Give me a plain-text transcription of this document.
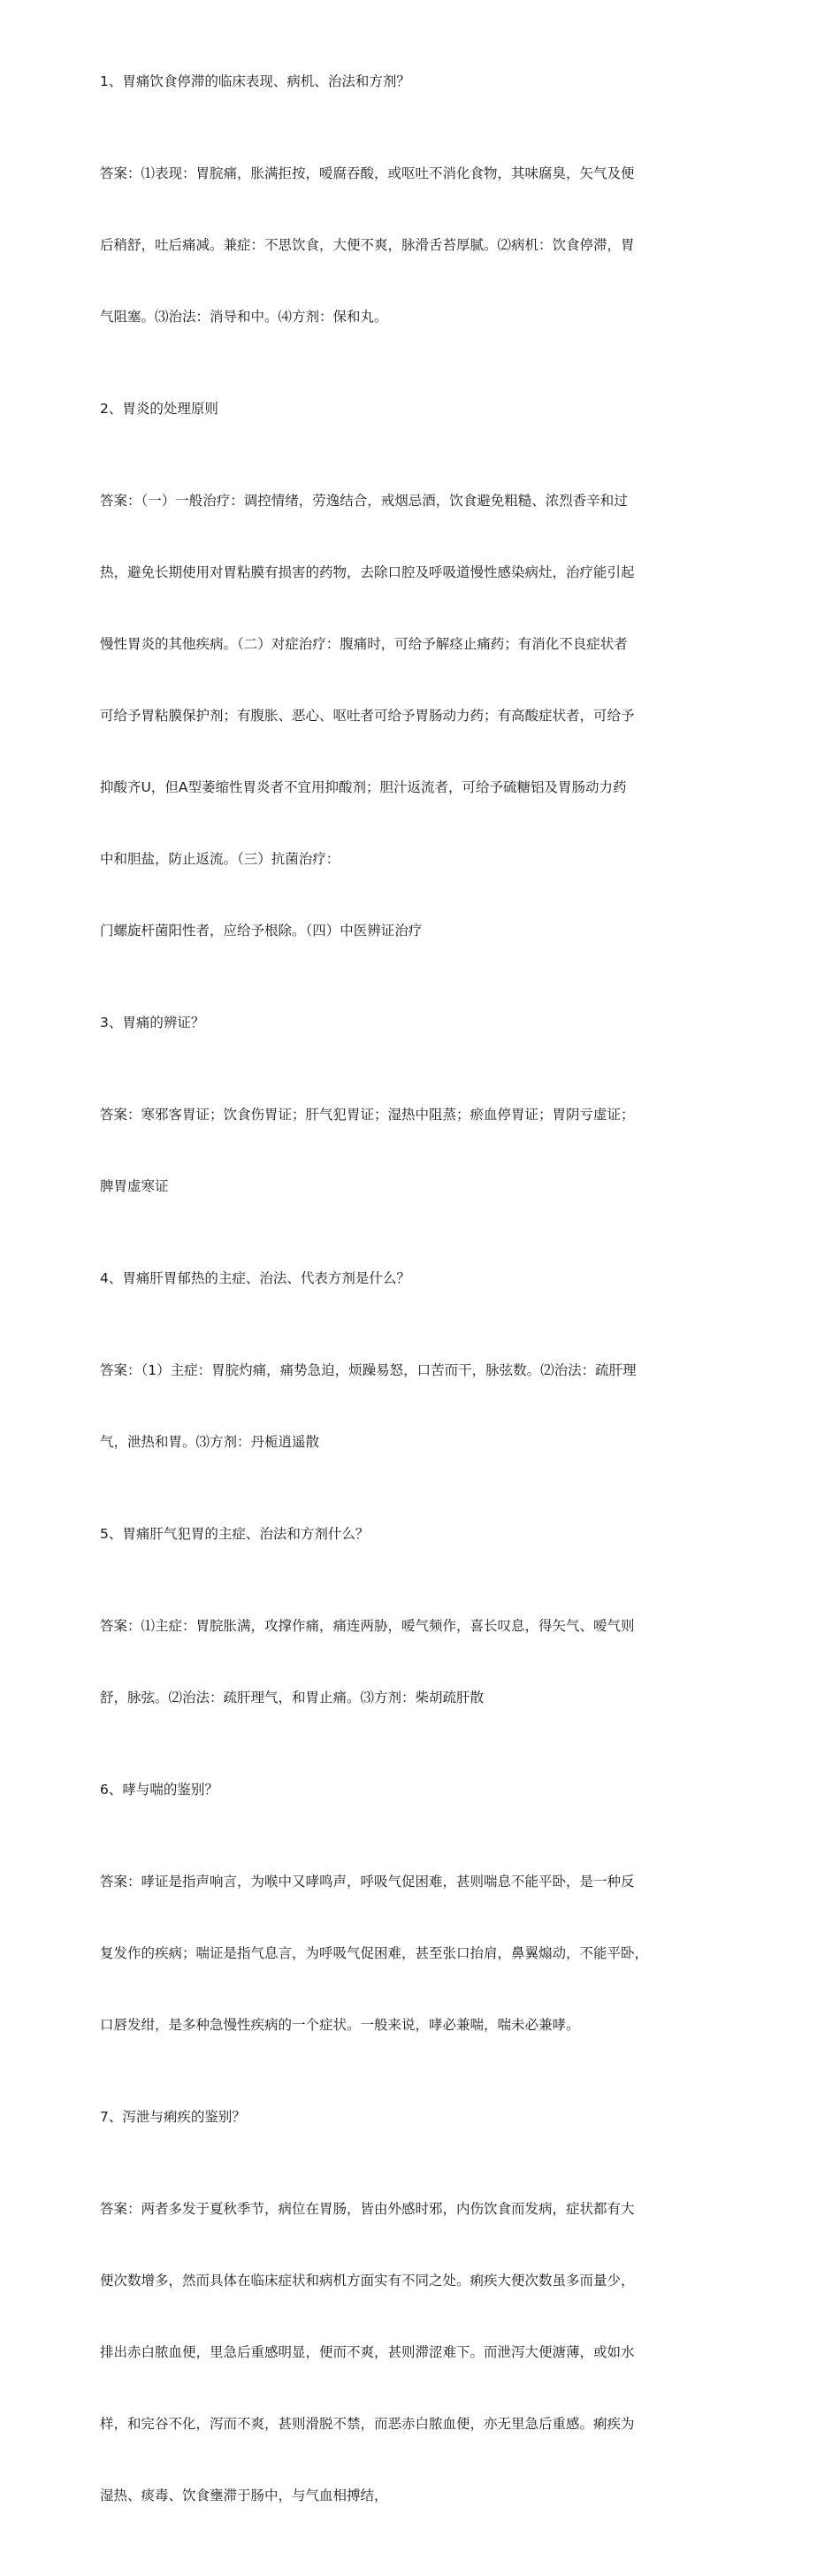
1、胃痛饮食停滞的临床表现、病机、治法和方剂？

答案：⑴表现：胃脘痛，胀满拒按，嗳腐吞酸，或呕吐不消化食物，其味腐臭，矢气及便

后稍舒，吐后痛减。兼症：不思饮食，大便不爽，脉滑舌苔厚腻。⑵病机：饮食停滞，胃

气阻塞。⑶治法：消导和中。⑷方剂：保和丸。

2、胃炎的处理原则

答案：（一）一般治疗：调控情绪，劳逸结合，戒烟忌酒，饮食避免粗糙、浓烈香辛和过

热，避免长期使用对胃粘膜有损害的药物，去除口腔及呼吸道慢性感染病灶，治疗能引起

慢性胃炎的其他疾病。（二）对症治疗：腹痛时，可给予解痉止痛药；有消化不良症状者

可给予胃粘膜保护剂；有腹胀、恶心、呕吐者可给予胃肠动力药；有高酸症状者，可给予

抑酸齐U，但A型萎缩性胃炎者不宜用抑酸剂；胆汁返流者，可给予硫糖铝及胃肠动力药

中和胆盐，防止返流。（三）抗菌治疗：

门螺旋杆菌阳性者，应给予根除。（四）中医辨证治疗

3、胃痛的辨证？

答案：寒邪客胃证；饮食伤胃证；肝气犯胃证；湿热中阻蒸；瘀血停胃证；胃阴亏虚证；

脾胃虚寒证

4、胃痛肝胃郁热的主症、治法、代表方剂是什么？

答案：（1）主症：胃脘灼痛，痛势急迫，烦躁易怒，口苦而干，脉弦数。⑵治法：疏肝理

气，泄热和胃。⑶方剂：丹栀逍遥散

5、胃痛肝气犯胃的主症、治法和方剂什么？

答案：⑴主症：胃脘胀满，攻撑作痛，痛连两胁，嗳气频作，喜长叹息，得矢气、嗳气则

舒，脉弦。⑵治法：疏肝理气，和胃止痛。⑶方剂：柴胡疏肝散

6、哮与喘的鉴别？

答案：哮证是指声响言，为喉中又哮鸣声，呼吸气促困难，甚则喘息不能平卧，是一种反

复发作的疾病；喘证是指气息言，为呼吸气促困难，甚至张口抬肩，鼻翼煽动，不能平卧，

口唇发绀，是多种急慢性疾病的一个症状。一般来说，哮必兼喘，喘未必兼哮。

7、泻泄与痢疾的鉴别？

答案：两者多发于夏秋季节，病位在胃肠，皆由外感时邪，内伤饮食而发病，症状都有大

便次数增多，然而具体在临床症状和病机方面实有不同之处。痢疾大便次数虽多而量少，

排出赤白脓血便，里急后重感明显，便而不爽，甚则滞涩难下。而泄泻大便溏薄，或如水

样，和完谷不化，泻而不爽，甚则滑脱不禁，而恶赤白脓血便，亦无里急后重感。痢疾为

湿热、痰毒、饮食壅滞于肠中，与气血相搏结，
